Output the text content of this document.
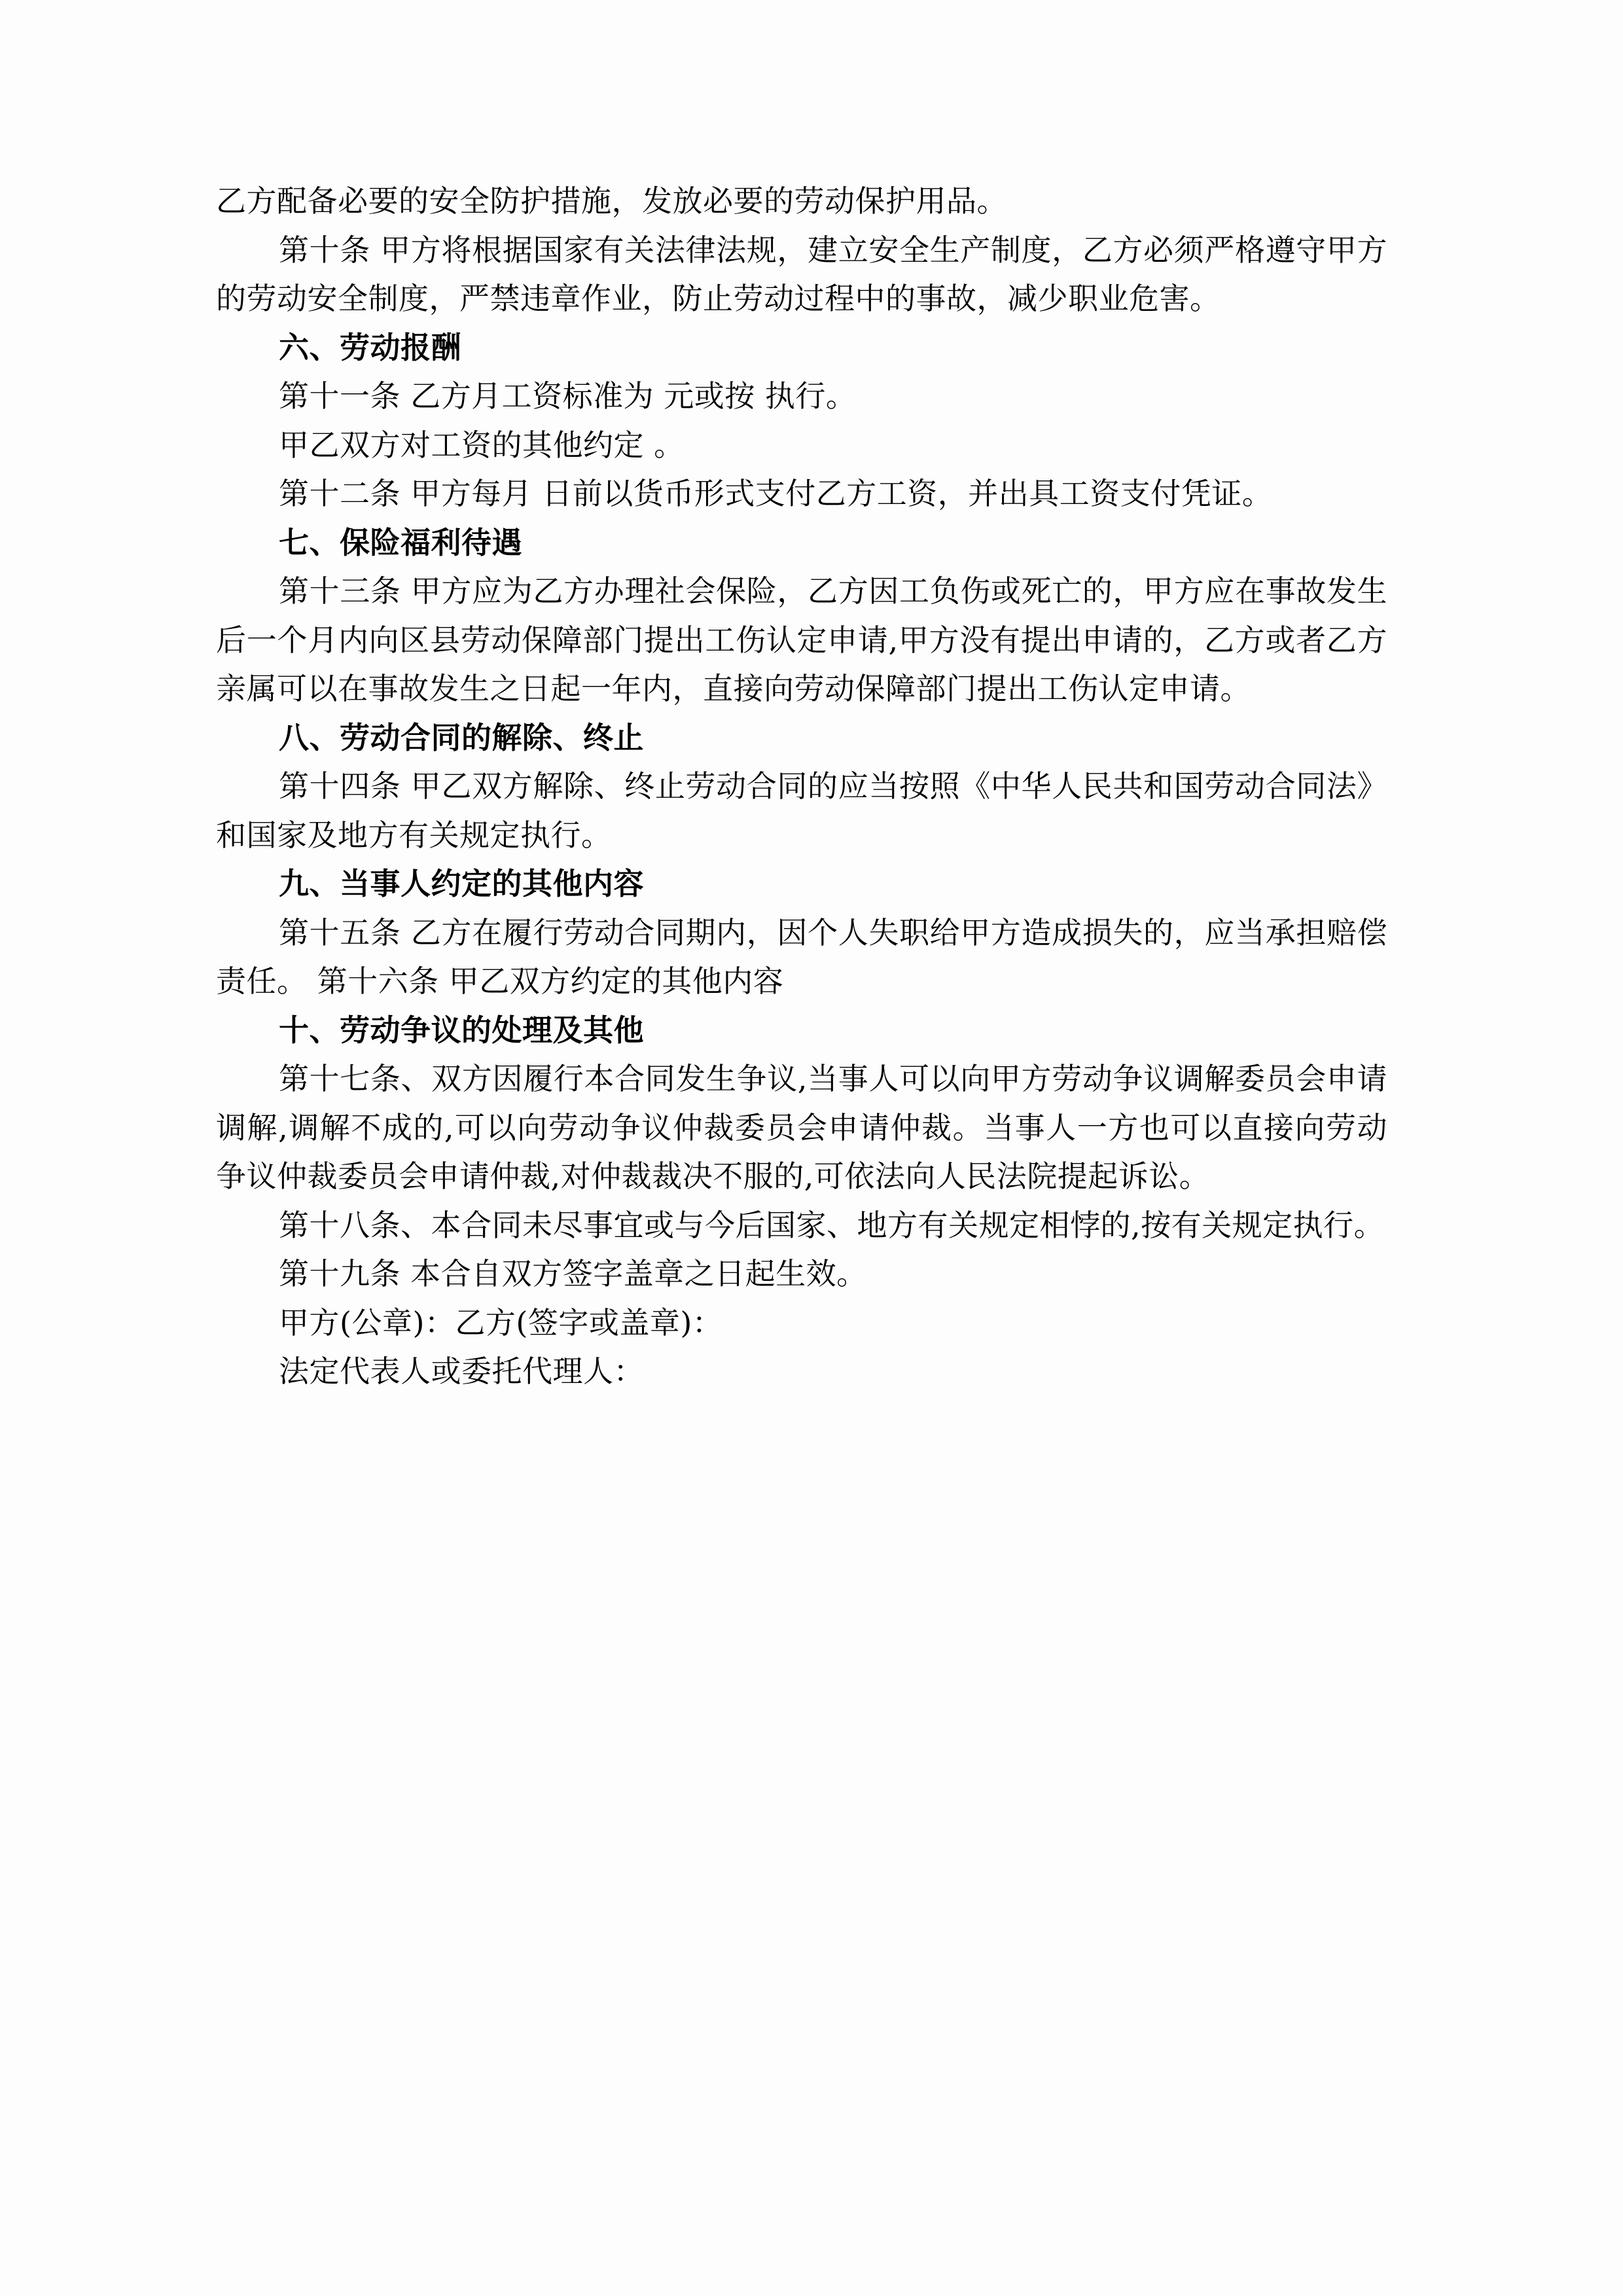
乙方配备必要的安全防护措施，发放必要的劳动保护用品。

第十条 甲方将根据国家有关法律法规，建立安全生产制度，乙方必须严格遵守甲方的劳动安全制度，严禁违章作业，防止劳动过程中的事故，减少职业危害。

六、劳动报酬

第十一条 乙方月工资标准为 元或按 执行。

甲乙双方对工资的其他约定 。

第十二条 甲方每月 日前以货币形式支付乙方工资，并出具工资支付凭证。

七、保险福利待遇

第十三条 甲方应为乙方办理社会保险，乙方因工负伤或死亡的，甲方应在事故发生后一个月内向区县劳动保障部门提出工伤认定申请,甲方没有提出申请的，乙方或者乙方亲属可以在事故发生之日起一年内，直接向劳动保障部门提出工伤认定申请。

八、劳动合同的解除、终止

第十四条 甲乙双方解除、终止劳动合同的应当按照《中华人民共和国劳动合同法》和国家及地方有关规定执行。

九、当事人约定的其他内容

第十五条 乙方在履行劳动合同期内，因个人失职给甲方造成损失的，应当承担赔偿责任。 第十六条 甲乙双方约定的其他内容

十、劳动争议的处理及其他

第十七条、双方因履行本合同发生争议,当事人可以向甲方劳动争议调解委员会申请调解,调解不成的,可以向劳动争议仲裁委员会申请仲裁。当事人一方也可以直接向劳动争议仲裁委员会申请仲裁,对仲裁裁决不服的,可依法向人民法院提起诉讼。

第十八条、本合同未尽事宜或与今后国家、地方有关规定相悖的,按有关规定执行。

第十九条 本合自双方签字盖章之日起生效。

甲方(公章)：乙方(签字或盖章)：

法定代表人或委托代理人：
